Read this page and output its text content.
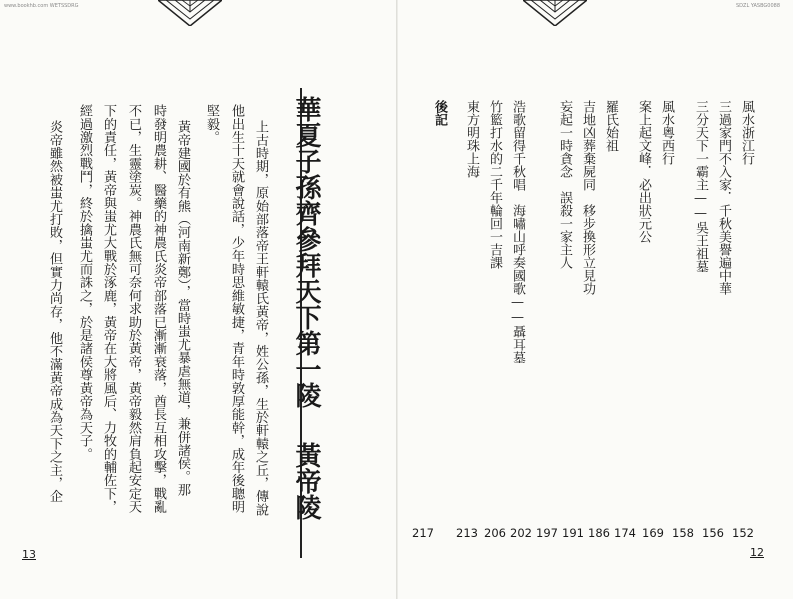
www.bookhb.com WETSSDRG
華夏子孫齊參拜天下第一陵
黃帝陵
上古時期，原始部落帝王軒轅氏黃帝，姓公孫，生於軒轅之丘，傳說
他出生十天就會說話，少年時思維敏捷，青年時敦厚能幹，成年後聰明
堅毅。
黃帝建國於有熊（河南新鄭），當時蚩尤暴虐無道，兼併諸侯。那
時發明農耕、醫藥的神農氏炎帝部落已漸漸衰落，酋長互相攻擊，戰亂
不已，生靈塗炭。神農氏無可奈何求助於黃帝，黃帝毅然肩負起安定天
下的責任，黃帝與蚩尤大戰於涿鹿，黃帝在大將風后、力牧的輔佐下，
經過激烈戰鬥，終於擒蚩尤而誅之，於是諸侯尊黃帝為天子。
炎帝雖然被蚩尤打敗，但實力尚存，他不滿黃帝成為天下之主，企
13
SDZL YASBG0088
風水浙江行
三過家門不入家．千秋美譽遍中華
三分天下一霸主——吳王祖墓
風水粵西行
案上起文峰．必出狀元公
羅氏始祖
吉地凶葬棄屍同　移步換形立見功
妄起一時貪念　誤殺一家主人
浩歌留得千秋唱　海嘯山呼奏國歌——聶耳墓
竹籃打水的二千年輪回一吉課
東方明珠上海
後記
217 213 206 202 197 191 186 174 169 158 156 152
12
